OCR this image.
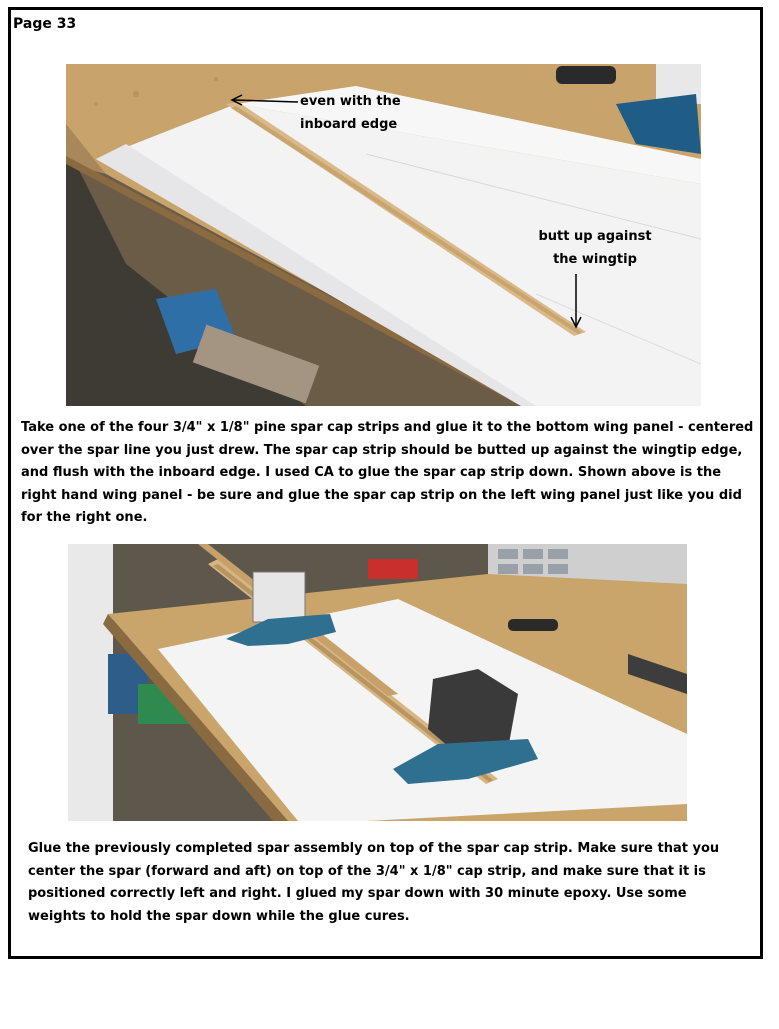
Page 33
even with the
inboard edge
butt up against
the wingtip

Take one of the four 3/4" x 1/8" pine spar cap strips and glue it to the bottom wing panel - centered over the spar line you just drew. The spar cap strip should be butted up against the wingtip edge, and flush with the inboard edge. I used CA to glue the spar cap strip down. Shown above is the right hand wing panel - be sure and glue the spar cap strip on the left wing panel just like you did for the right one.

Glue the previously completed spar assembly on top of the spar cap strip. Make sure that you center the spar (forward and aft) on top of the 3/4" x 1/8" cap strip, and make sure that it is positioned correctly left and right. I glued my spar down with 30 minute epoxy. Use some weights to hold the spar down while the glue cures.
